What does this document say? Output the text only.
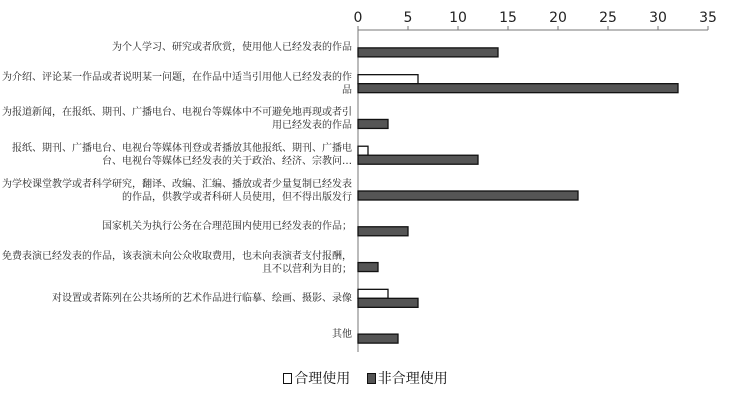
0	5	10 15 20 25 30 35
为个人学习、研究或者欣赏，使用他人已经发表的作品
为介绍、评论某一作品或者说明某一问题，在作品中适当引用他人已经发表的作品
为报道新闻，在报纸、期刊、广播电台、电视台等媒体中不可避免地再现或者引用已经发表的作品
报纸、期刊、广播电台、电视台等媒体刊登或者播放其他报纸、期刊、广播电台、电视台等媒体已经发表的关于政治、经济、宗教问…
为学校课堂教学或者科学研究，翻译、改编、汇编、播放或者少量复制已经发表的作品，供教学或者科研人员使用，但不得出版发行
国家机关为执行公务在合理范围内使用已经发表的作品；
免费表演已经发表的作品，该表演未向公众收取费用，也未向表演者支付报酬，且不以营利为目的；
对设置或者陈列在公共场所的艺术作品进行临摹、绘画、摄影、录像
其他
合理使用 非合理使用
